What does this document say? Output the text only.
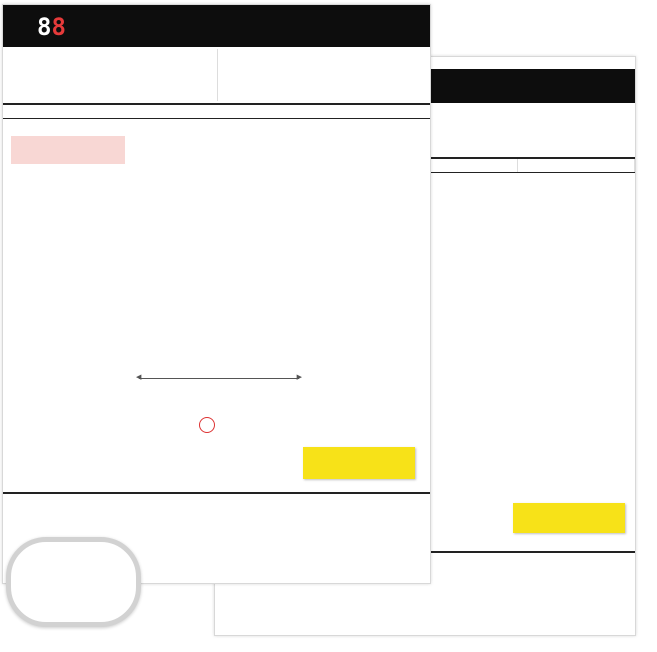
8 8
◀ ▶
